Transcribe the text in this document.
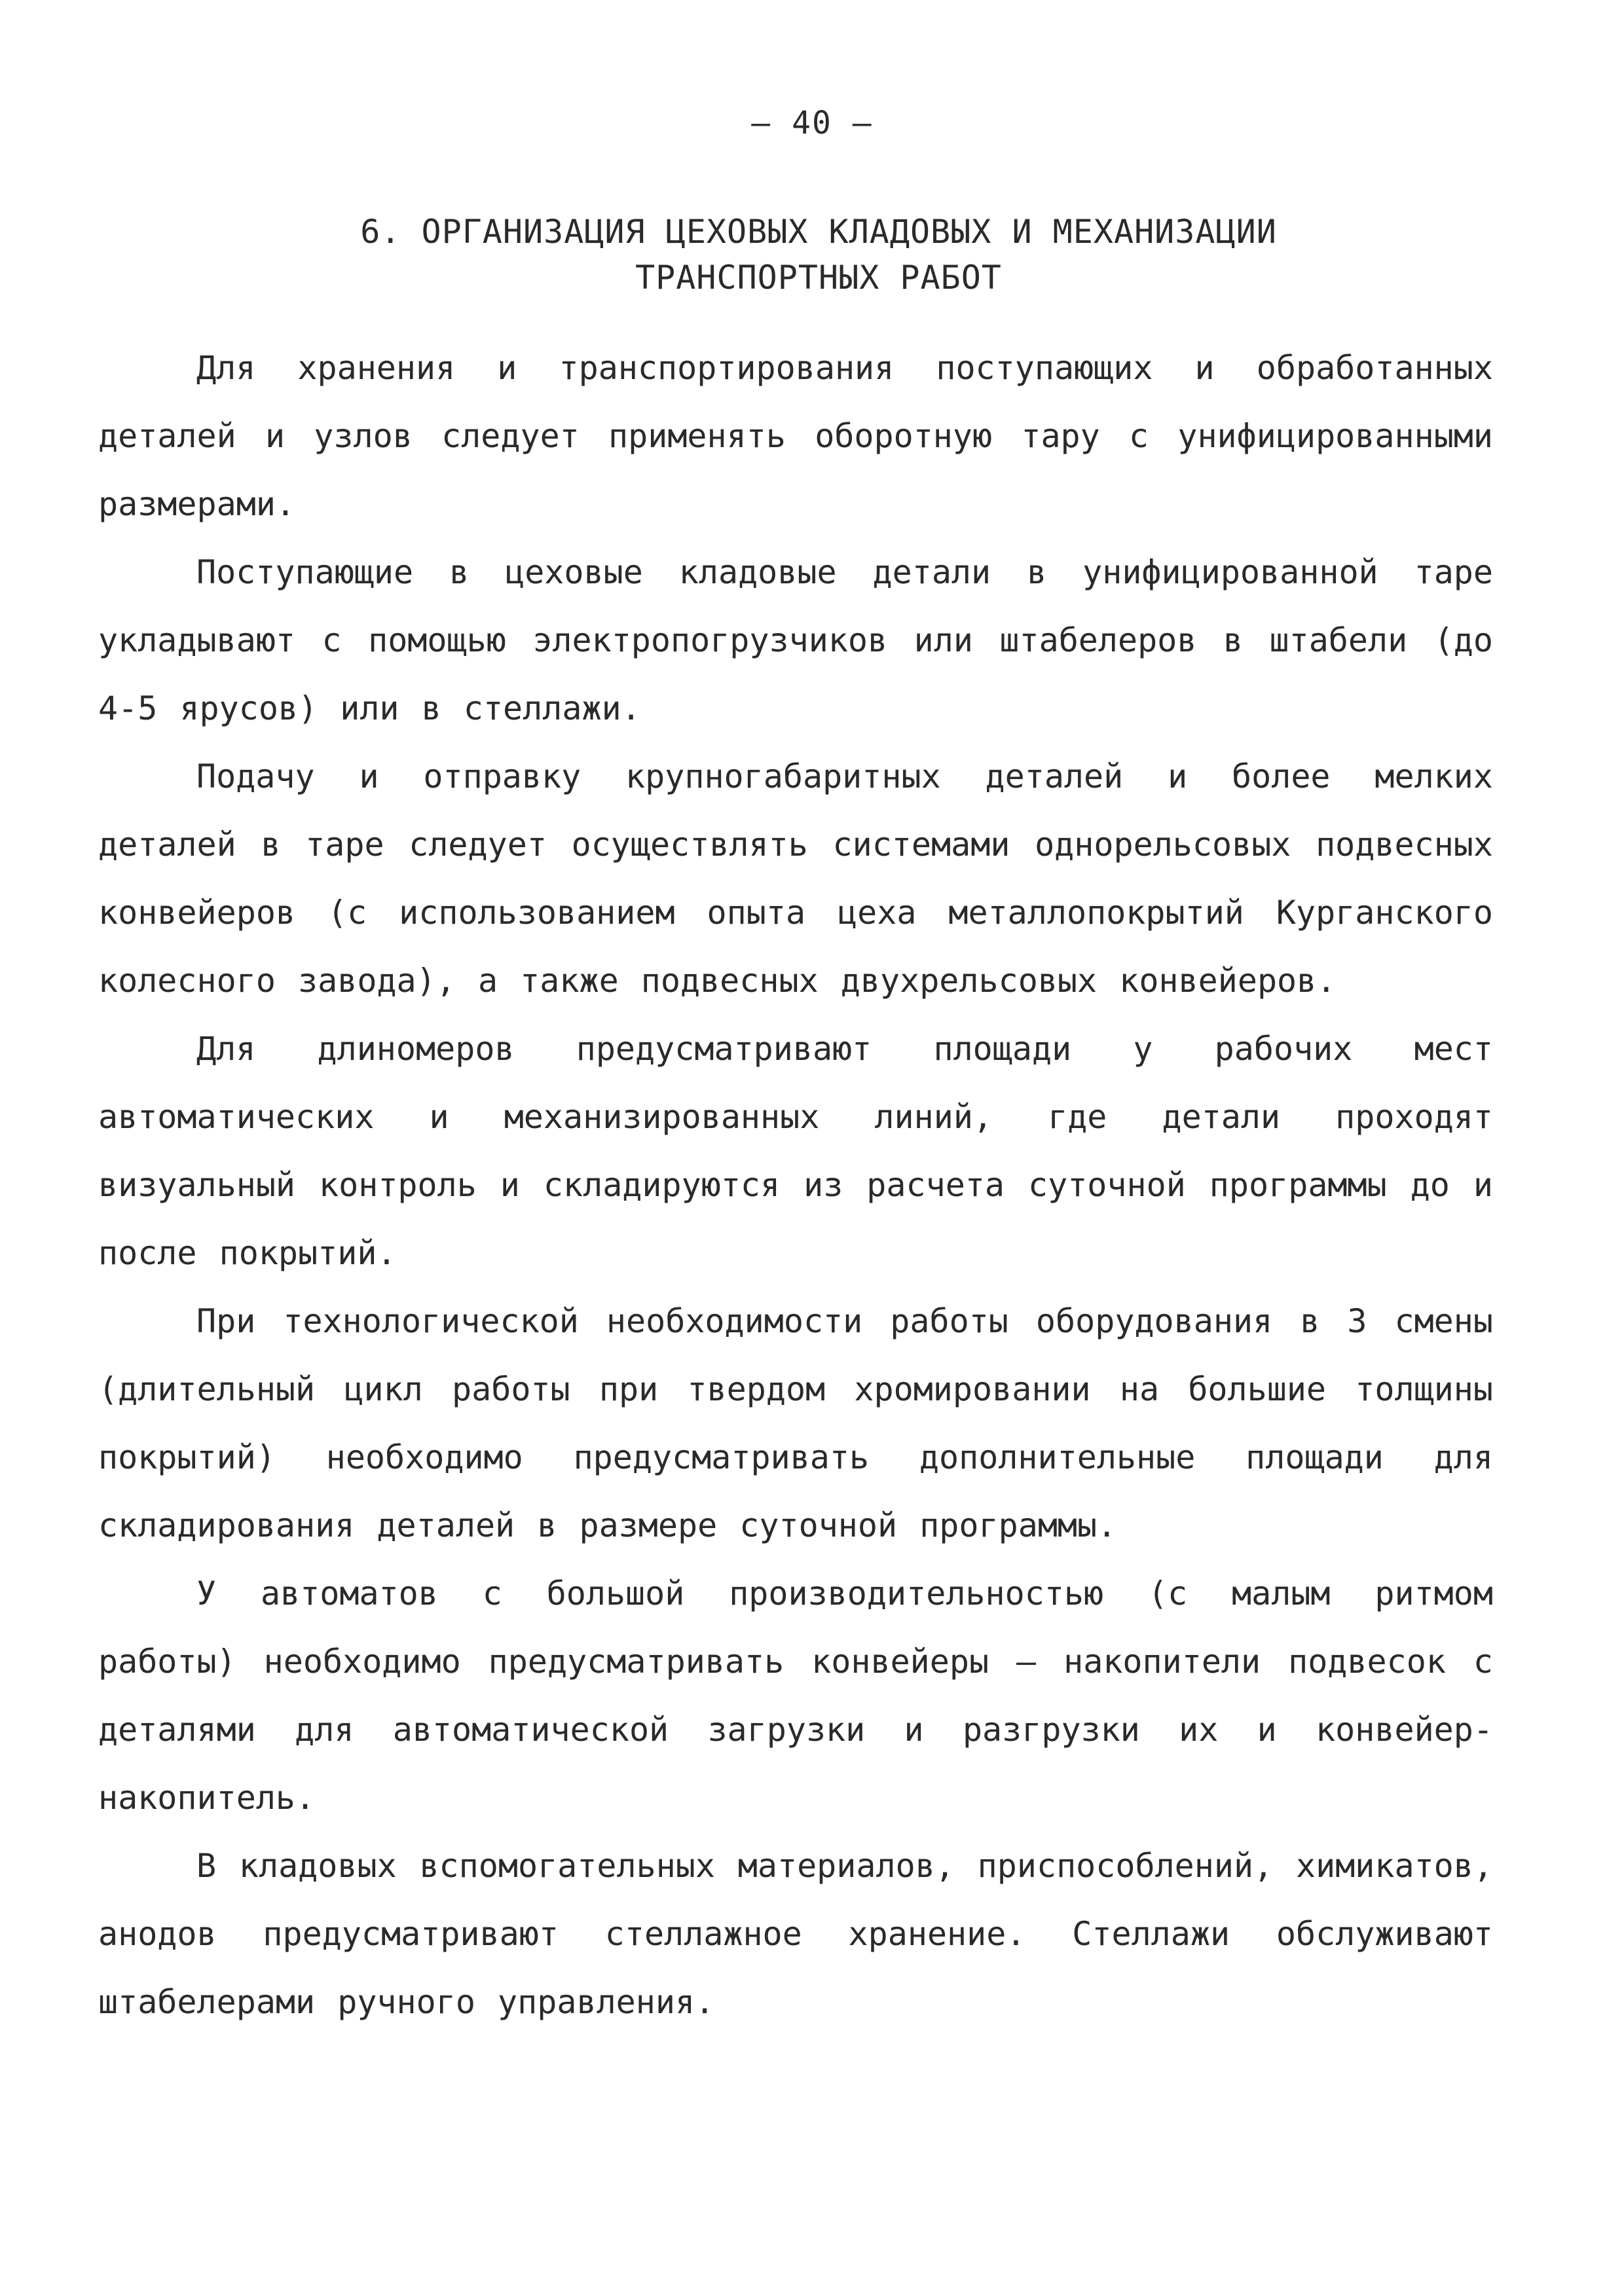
– 40 –
6. ОРГАНИЗАЦИЯ ЦЕХОВЫХ КЛАДОВЫХ И МЕХАНИЗАЦИИ
ТРАНСПОРТНЫХ РАБОТ

Для хранения и транспортирования поступающих и обработанных деталей и узлов следует применять оборотную тару с унифицированными размерами.

Поступающие в цеховые кладовые детали в унифицированной таре укладывают с помощью электропогрузчиков или штабелеров в штабели (до 4-5 ярусов) или в стеллажи.

Подачу и отправку крупногабаритных деталей и более мелких деталей в таре следует осуществлять системами однорельсовых подвесных конвейеров (с использованием опыта цеха металлопокрытий Курганского колесного завода), а также подвесных двухрельсовых конвейеров.

Для длиномеров предусматривают площади у рабочих мест автоматических и механизированных линий, где детали проходят визуальный контроль и складируются из расчета суточной программы до и после покрытий.

При технологической необходимости работы оборудования в 3 смены (длительный цикл работы при твердом хромировании на большие толщины покрытий) необходимо предусматривать дополнительные площади для складирования деталей в размере суточной программы.

У автоматов с большой производительностью (с малым ритмом работы) необходимо предусматривать конвейеры – накопители подвесок с деталями для автоматической загрузки и разгрузки их и конвейер-накопитель.

В кладовых вспомогательных материалов, приспособлений, химикатов, анодов предусматривают стеллажное хранение. Стеллажи обслуживают штабелерами ручного управления.
